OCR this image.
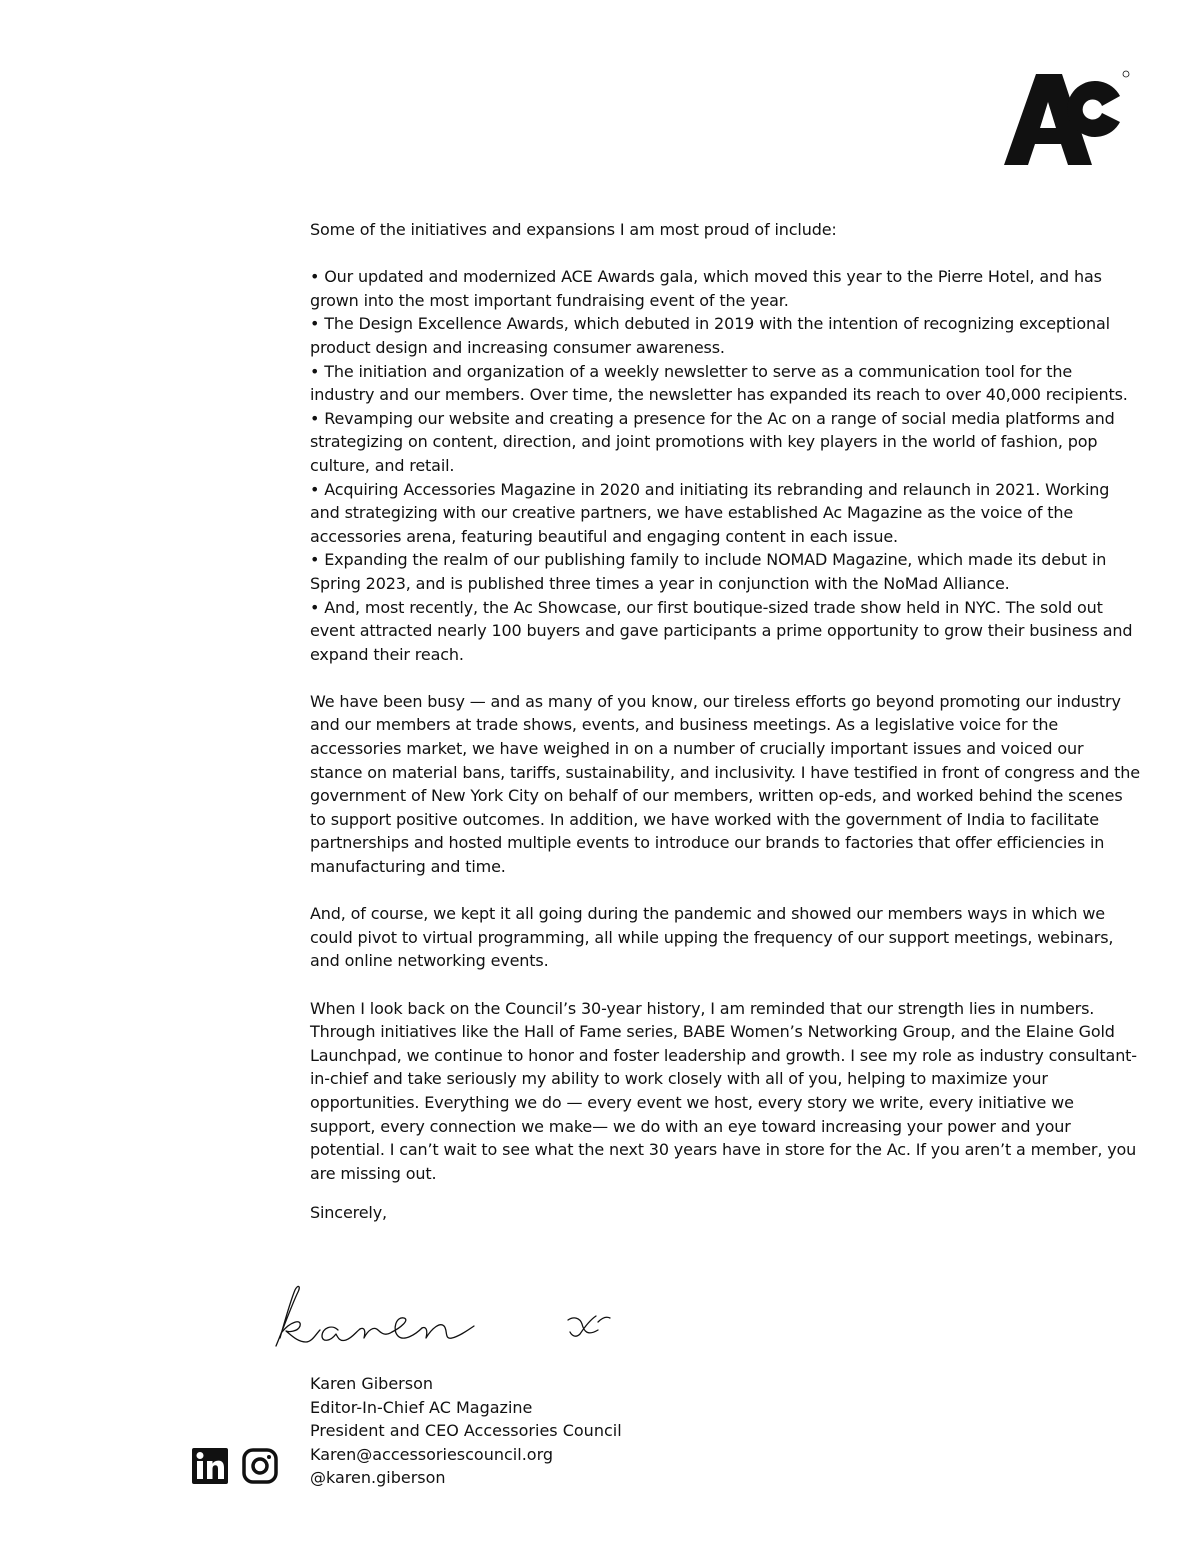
Some of the initiatives and expansions I am most proud of include:

• Our updated and modernized ACE Awards gala, which moved this year to the Pierre Hotel, and has grown into the most important fundraising event of the year.
• The Design Excellence Awards, which debuted in 2019 with the intention of recognizing exceptional product design and increasing consumer awareness.
• The initiation and organization of a weekly newsletter to serve as a communication tool for the industry and our members. Over time, the newsletter has expanded its reach to over 40,000 recipients.
• Revamping our website and creating a presence for the Ac on a range of social media platforms and strategizing on content, direction, and joint promotions with key players in the world of fashion, pop culture, and retail.
• Acquiring Accessories Magazine in 2020 and initiating its rebranding and relaunch in 2021. Working and strategizing with our creative partners, we have established Ac Magazine as the voice of the accessories arena, featuring beautiful and engaging content in each issue.
• Expanding the realm of our publishing family to include NOMAD Magazine, which made its debut in Spring 2023, and is published three times a year in conjunction with the NoMad Alliance.
• And, most recently, the Ac Showcase, our first boutique-sized trade show held in NYC. The sold out event attracted nearly 100 buyers and gave participants a prime opportunity to grow their business and expand their reach.

We have been busy — and as many of you know, our tireless efforts go beyond promoting our industry and our members at trade shows, events, and business meetings. As a legislative voice for the accessories market, we have weighed in on a number of crucially important issues and voiced our stance on material bans, tariffs, sustainability, and inclusivity. I have testified in front of congress and the government of New York City on behalf of our members, written op-eds, and worked behind the scenes to support positive outcomes. In addition, we have worked with the government of India to facilitate partnerships and hosted multiple events to introduce our brands to factories that offer efficiencies in manufacturing and time.

And, of course, we kept it all going during the pandemic and showed our members ways in which we could pivot to virtual programming, all while upping the frequency of our support meetings, webinars, and online networking events.

When I look back on the Council’s 30-year history, I am reminded that our strength lies in numbers. Through initiatives like the Hall of Fame series, BABE Women’s Networking Group, and the Elaine Gold Launchpad, we continue to honor and foster leadership and growth. I see my role as industry consultant-in-chief and take seriously my ability to work closely with all of you, helping to maximize your opportunities. Everything we do — every event we host, every story we write, every initiative we support, every connection we make— we do with an eye toward increasing your power and your potential. I can’t wait to see what the next 30 years have in store for the Ac. If you aren’t a member, you are missing out.

Sincerely,

Karen Giberson
Editor-In-Chief AC Magazine
President and CEO Accessories Council
Karen@accessoriescouncil.org
@karen.giberson
